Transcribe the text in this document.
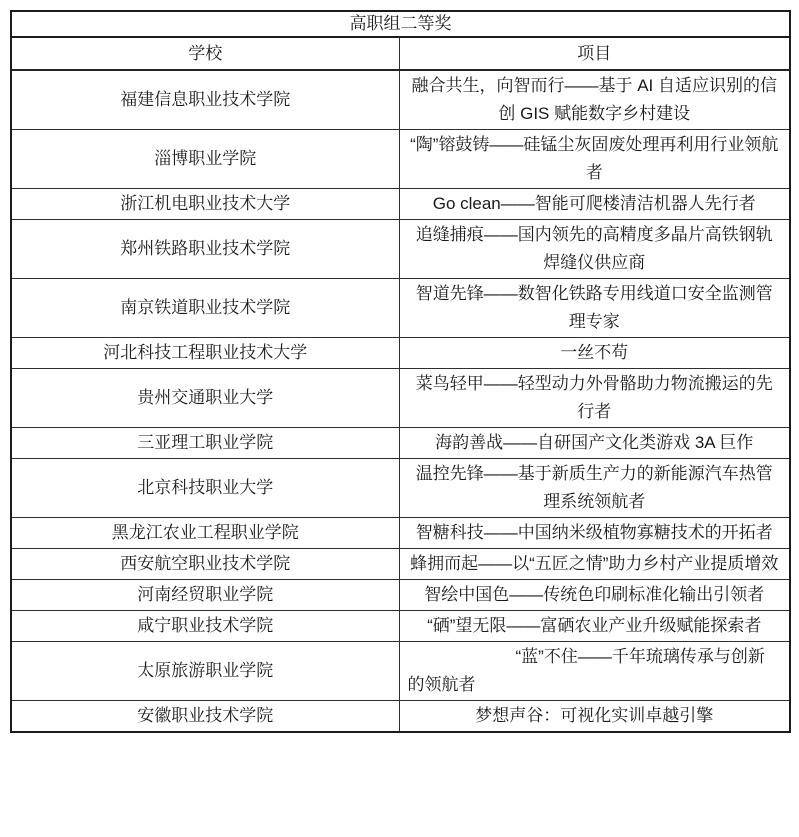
高职组二等奖	
学校	项目
福建信息职业技术学院	融合共生，向智而行——基于 AI 自适应识别的信创 GIS 赋能数字乡村建设
淄博职业学院	“陶”镕鼓铸——硅锰尘灰固废处理再利用行业领航者
浙江机电职业技术大学	Go clean——智能可爬楼清洁机器人先行者
郑州铁路职业技术学院	追缝捕痕——国内领先的高精度多晶片高铁钢轨焊缝仪供应商
南京铁道职业技术学院	智道先锋——数智化铁路专用线道口安全监测管理专家
河北科技工程职业技术大学	一丝不苟
贵州交通职业大学	菜鸟轻甲——轻型动力外骨骼助力物流搬运的先行者
三亚理工职业学院	海韵善战——自研国产文化类游戏 3A 巨作
北京科技职业大学	温控先锋——基于新质生产力的新能源汽车热管理系统领航者
黑龙江农业工程职业学院	智糖科技——中国纳米级植物寡糖技术的开拓者
西安航空职业技术学院	蜂拥而起——以“五匠之情”助力乡村产业提质增效
河南经贸职业学院	智绘中国色——传统色印刷标准化输出引领者
咸宁职业技术学院	“硒”望无限——富硒农业产业升级赋能探索者
太原旅游职业学院	“蓝”不住——千年琉璃传承与创新的领航者
安徽职业技术学院	梦想声谷：可视化实训卓越引擎
